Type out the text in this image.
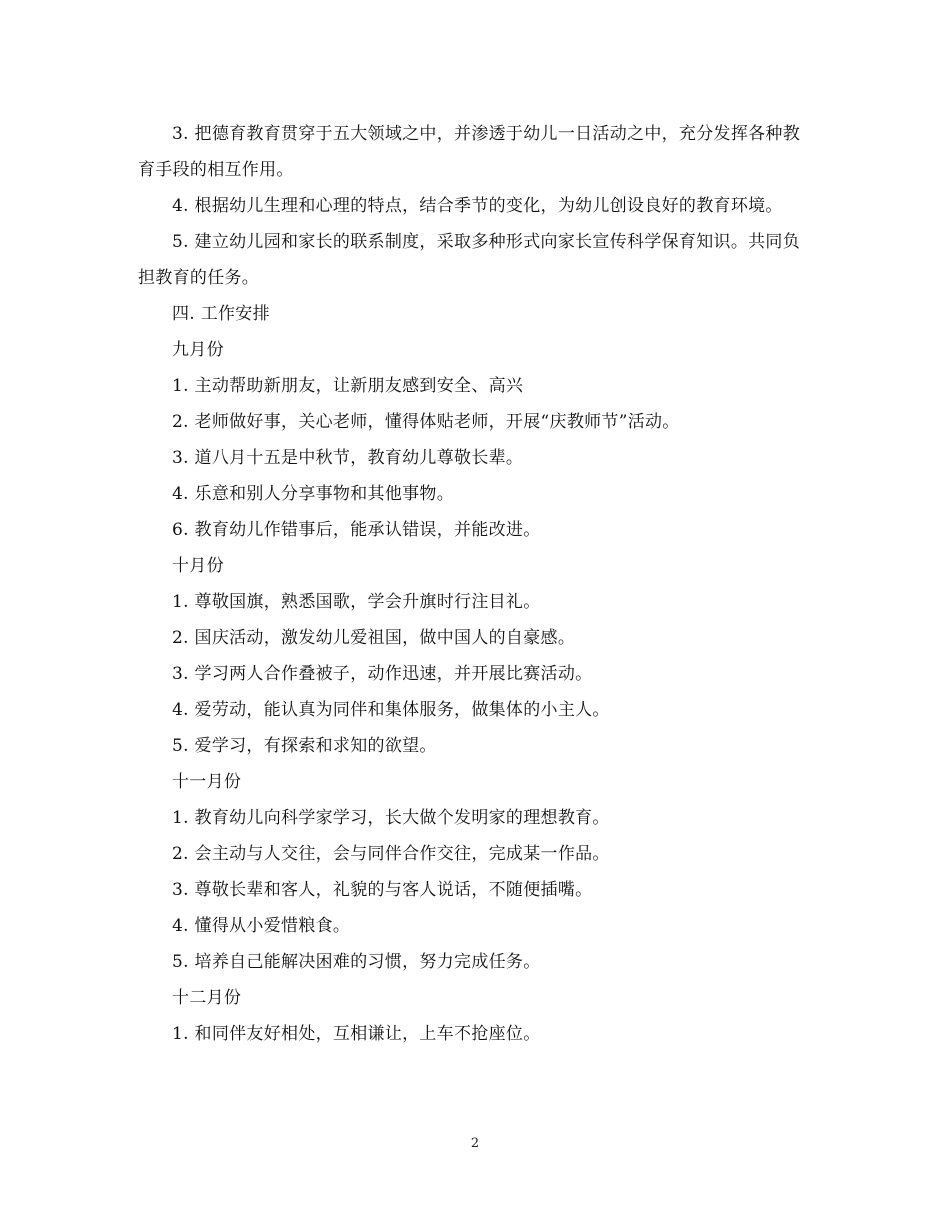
3. 把德育教育贯穿于五大领域之中，并渗透于幼儿一日活动之中，充分发挥各种教育手段的相互作用。

4. 根据幼儿生理和心理的特点，结合季节的变化，为幼儿创设良好的教育环境。

5. 建立幼儿园和家长的联系制度，采取多种形式向家长宣传科学保育知识。共同负担教育的任务。

四. 工作安排

九月份

1. 主动帮助新朋友，让新朋友感到安全、高兴

2. 老师做好事，关心老师，懂得体贴老师，开展“庆教师节”活动。

3. 道八月十五是中秋节，教育幼儿尊敬长辈。

4. 乐意和别人分享事物和其他事物。

6. 教育幼儿作错事后，能承认错误，并能改进。

十月份

1. 尊敬国旗，熟悉国歌，学会升旗时行注目礼。

2. 国庆活动，激发幼儿爱祖国，做中国人的自豪感。

3. 学习两人合作叠被子，动作迅速，并开展比赛活动。

4. 爱劳动，能认真为同伴和集体服务，做集体的小主人。

5. 爱学习，有探索和求知的欲望。

十一月份

1. 教育幼儿向科学家学习，长大做个发明家的理想教育。

2. 会主动与人交往，会与同伴合作交往，完成某一作品。

3. 尊敬长辈和客人，礼貌的与客人说话，不随便插嘴。

4. 懂得从小爱惜粮食。

5. 培养自己能解决困难的习惯，努力完成任务。

十二月份

1. 和同伴友好相处，互相谦让，上车不抢座位。

2
